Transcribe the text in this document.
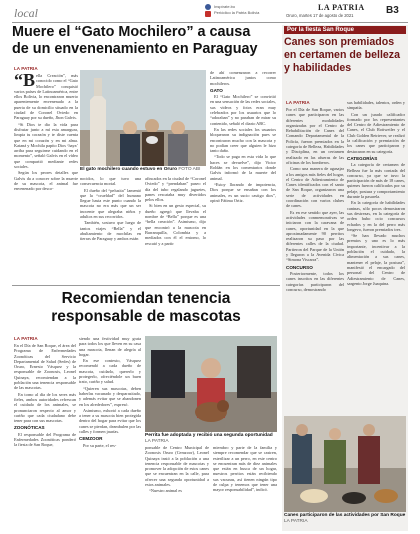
local	Inspírate.bo
Periódico la Patria Bolivia
LA PATRIA
Oruro, martes 17 de agosto de 2021	B3
Muere el “Gato Mochilero” a causa
de un envenenamiento en Paraguay
LA PATRIA
“B ella Creación”, más conocido como el “Gato Mochilero” conquistó varios países de Latinoamérica, entre ellos Bolivia, lo encontraron muerto aparentemente envenenado a la puerta de su domicilio situado en la ciudad de Coronel Oviedo en Paraguay por su dueño, Jhon Galvis.

“Si Dios te dio la vida para disfrutar junto a mí esta amargura, limpia tu corazón y te diste cuenta que en mi corazón y en mi alma. Kataná y Mochila papito Dios ‘haya’ arriba para seguirme cuidando en el momento”, señaló Galvis en el vídeo que compartió mediante redes sociales.

Según los peores detalles que Galvis da a conocer sobre la muerte de su mascota, el animal fue envenenado por desco-

El gato mochilero cuando estuvo en Oruro FOTO ABI

nocidos, lo que tuvo una consecuencia mortal.

El dueño del “pelusita” lamentó que la “crueldad” del humano llegue hasta este punto cuando la mascota no era más que un ser inocente que alegraba niños y adultos en sus recorridos.

También, sostuvo que luego de tantos viajes “Bella” y el abultamiento de mochilas en tierras de Paraguay y ambos están

afincados en la ciudad de “Coronel Oviedo” y “prendaban” paseo el día del tubo regalando juguetes, panes rescataba muy divertidos pelos ellos.

Si bien en un gesto especial, su dueño agregó que llevaba el nombre de “Bella” porque es una “bella creación”. Asimismo, dijo que encontró a la mascota en Barranquilla, Colombia y a mediados con él el entorno, lo rescató y a partir

de ahí comenzaron a recorrer Latinoamérica juntos como mochileros.

GATO

El “Gato Mochilero” se convirtió en una sensación de las redes sociales, sus videos y fotos eran muy celebrados por los usuarios que lo “adoraban” y no paraban de mirar su contenido, señaló el diario ABC.

En las redes sociales los usuarios bloquearon su indignación pues se encontraron mucho con la mascota y no podían creer que alguien le hizo tanto daño.

“Todo se paga en esta vida lo que haces se devuelve”, dijo Victor Roldán en los comentarios donde Galvis informó de la muerte del animal.

“Estoy llorando de impotencia, Dios porque se ensañan con los animales, es un sucio castigo dios”, opinó Fátima Ortiz.

Recomiendan tenencia
responsable de mascotas
LA PATRIA

En el Día de San Roque, el área del Programa de Enfermedades Zoonóticas del Servicio Departamental de Salud (Sedes) de Oruro, Ernesto Vásquez y la responsable de Zoonosis, Leonel Quinaya, recomiendan a la población una tenencia responsable de las mascotas.

En torno al día de los seres más fieles, ambos autoridades refrescan el cuidado de los animales, se pronunciaron respecto al amor y cariño que cada ciudadano debe tener para con sus mascotas.

ZOONÓTICAS

El responsable del Programa de Enfermedades Zoonóticas ponderó la fiesta de San Roque,

siendo una festividad muy grata para todos los que lleven en su casa una mascota, llenan de alegría al hogar.

En ese contexto, Vásquez recomendó a cada dueño de mascota, cuidarlo, quererlo y protegerlo, ofreciéndole un buen trato, cariño y salud.

“Quieren sus mascotas, deben haberlas vacunado y desparasitado, y además evitar que se abandonen en los alrededores”, expresó.

Asimismo, exhortó a cada dueño a tener a su mascota bien protegida dentro del hogar para evitar que los canes se pierdan, deambulen por las calles y formen jaurías.

CEMZOOR

Por su parte, el res-

Perrita fue adoptada y recibió una segunda oportunidad LA PATRIA

ponsable de Centro Municipal de Zoonosis Oruro (Cemzoor), Leonel Quinaya instó a la población a una tenencia responsable de mascotas y promover la adopción de estos canes que se encuentran en la calle, para ofrecer una segunda oportunidad a estos animales.

“Nuestro animal es

miembro y parte de la familia y siempre recomendar que se castren, esterilizar a un perro, en este centro se encuentran más de diez animales que están en busca de un hogar, nuestros perritos están recibiendo sus vacunas, así tienen ningún tipo de culpa y tenemos que tener una mayor responsabilidad”, indicó.

Por la fiesta San Roque
Canes son premiados en certamen de belleza y habilidades
LA PATRIA

Por el Día de San Roque, varios canes que participaron en las diferentes modalidades organizadas por el Centro de Rehabilitación de Canes del Comando Departamental de la Policía, fueron premiados en la categoría de Belleza, Habilidades y Disciplina, en un certamen realizado en las afueras de las oficinas de los bomberos.

Como una manera de agasajar a los amigos más fieles del hogar, el Centro de Adiestramiento de Canes identificados con el santo de San Roque, organizaron una serie de actividades en coordinación con varios clubes de canes.

Es en ese sentido que ayer, las actividades conmemorativas se iniciaron con la caravana de canes, oportunidad en la que aproximadamente 90 perritos realizaron su paso por las diferentes calles de la ciudad. Partieron del Parque de la Unión y llegaron a la Avenida Cívica “Simona Viscarra”.

CONCURSO

Posteriormente, todos los canes inscritos en las diferentes categorías participaron del concurso, demostrando

sus habilidades, talentos, orden y simpatía.

Con un jurado calificador formado por los representantes del Centro de Adiestramiento de Canes, el Club Rottweiler y el Club Golden Retriever, se realizó la calificación y premiación de los canes que participaron y destacaron en su categoría.

CATEGORÍAS

La categoría de certamen de Belleza fue la más contada del concurso, ya que se tuvo la participación de más de 18 canes, quienes fueron calificados por su pelaje, postura y comportamiento durante la pasarela.

En la categoría de habilidades caninas, sólo pocos demostraron sus destrezas, en la categoría de orden hubo ocio concursos echados y en la del perro más longevo, fueron premiados tres.

“Se han llevado muchos premios y uno es lo más importante, incentivar a la población el cuidado, la alimentación a sus canes, mantener el pelaje, la postura”, manifestó el encargado del personal del Centro de Adiestramiento de Canes, sargento Jorge Juaquina.

Canes participaron de las actividades por San Roque LA PATRIA
